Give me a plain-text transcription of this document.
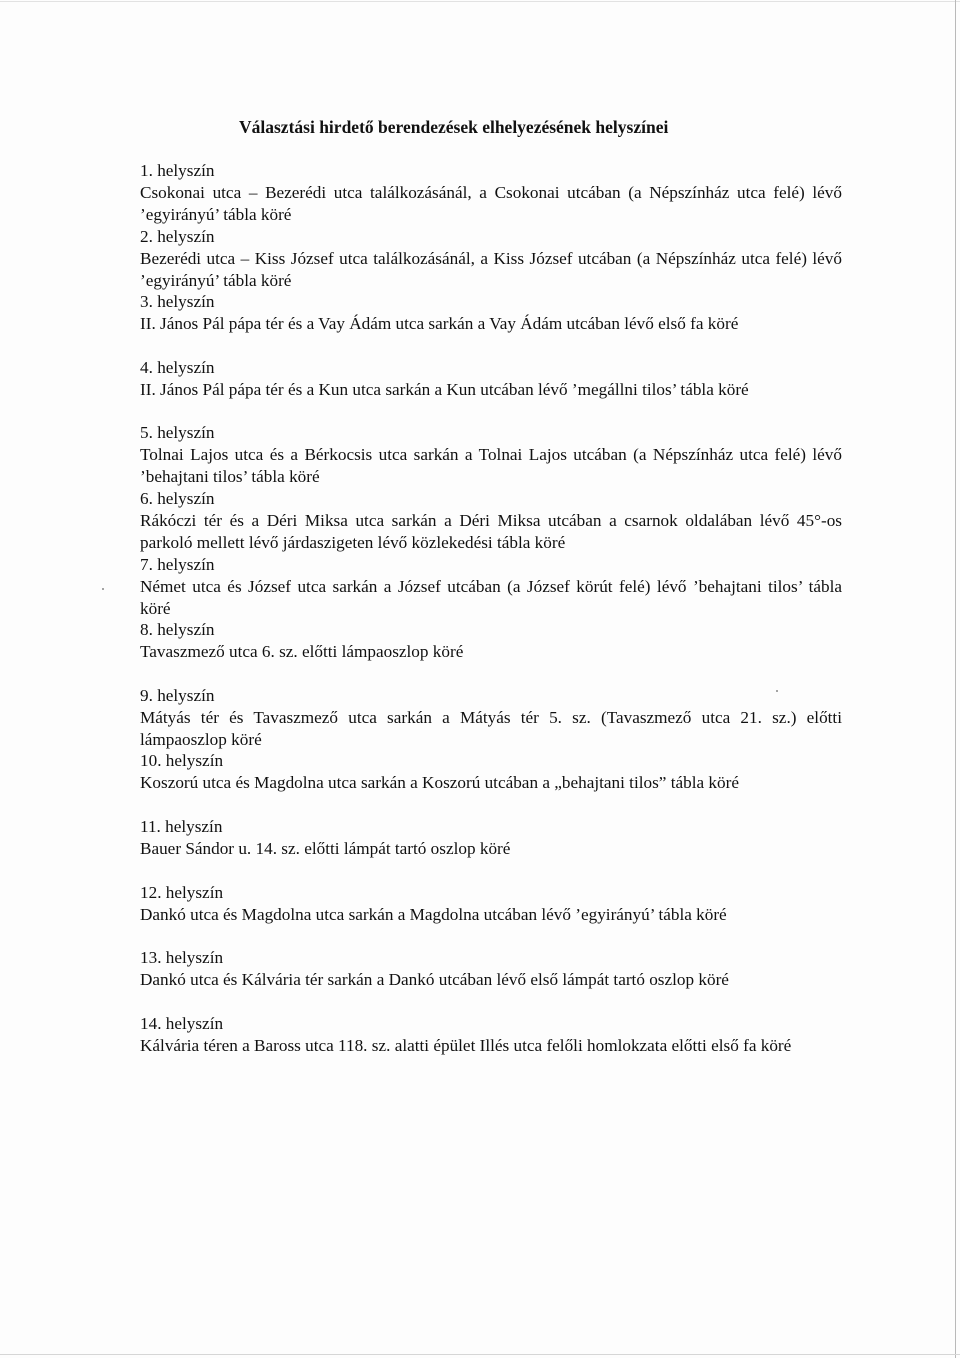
Választási hirdető berendezések elhelyezésének helyszínei
1. helyszín
Csokonai utca – Bezerédi utca találkozásánál, a Csokonai utcában (a Népszínház utca felé) lévő ’egyirányú’ tábla köré
2. helyszín
Bezerédi utca – Kiss József utca találkozásánál, a Kiss József utcában (a Népszínház utca felé) lévő ’egyirányú’ tábla köré
3. helyszín
II. János Pál pápa tér és a Vay Ádám utca sarkán a Vay Ádám utcában lévő első fa köré
4. helyszín
II. János Pál pápa tér és a Kun utca sarkán a Kun utcában lévő ’megállni tilos’ tábla köré
5. helyszín
Tolnai Lajos utca és a Bérkocsis utca sarkán a Tolnai Lajos utcában (a Népszínház utca felé) lévő ’behajtani tilos’ tábla köré
6. helyszín
Rákóczi tér és a Déri Miksa utca sarkán a Déri Miksa utcában a csarnok oldalában lévő 45°-os parkoló mellett lévő járdaszigeten lévő közlekedési tábla köré
7. helyszín
Német utca és József utca sarkán a József utcában (a József körút felé) lévő ’behajtani tilos’ tábla köré
8. helyszín
Tavaszmező utca 6. sz. előtti lámpaoszlop köré
9. helyszín
Mátyás tér és Tavaszmező utca sarkán a Mátyás tér 5. sz. (Tavaszmező utca 21. sz.) előtti lámpaoszlop köré
10. helyszín
Koszorú utca és Magdolna utca sarkán a Koszorú utcában a „behajtani tilos” tábla köré
11. helyszín
Bauer Sándor u. 14. sz. előtti lámpát tartó oszlop köré
12. helyszín
Dankó utca és Magdolna utca sarkán a Magdolna utcában lévő ’egyirányú’ tábla köré
13. helyszín
Dankó utca és Kálvária tér sarkán a Dankó utcában lévő első lámpát tartó oszlop köré
14. helyszín
Kálvária téren a Baross utca 118. sz. alatti épület Illés utca felőli homlokzata előtti első fa köré
